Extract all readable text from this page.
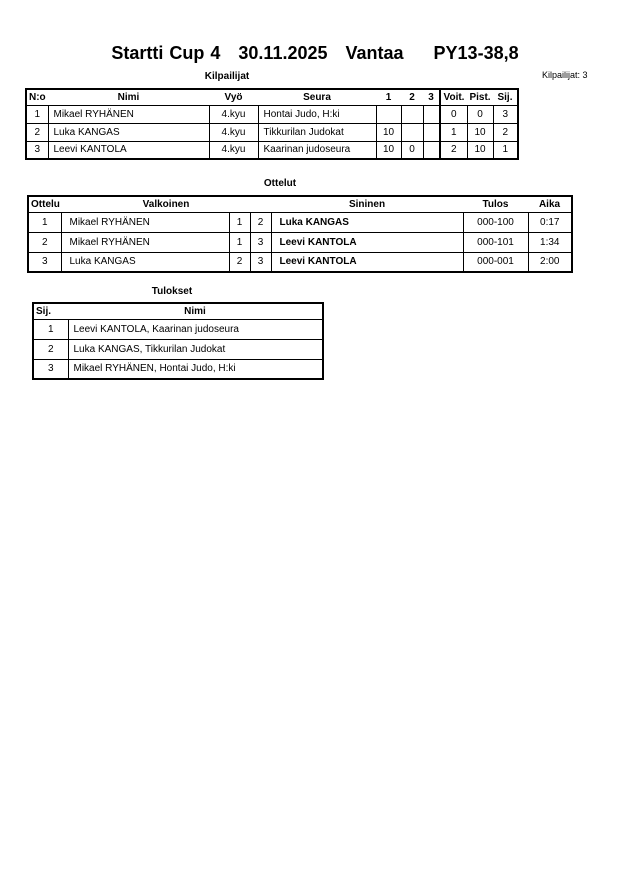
Startti Cup 4   30.11.2025   Vantaa     PY13-38,8
Kilpailijat	Kilpailijat: 3
N:o	Nimi	Vyö	Seura	1	2	3	Voit.	Pist.	Sij.
1	Mikael RYHÄNEN	4.kyu	Hontai Judo, H:ki				0	0	3
2	Luka KANGAS	4.kyu	Tikkurilan Judokat	10			1	10	2
3	Leevi KANTOLA	4.kyu	Kaarinan judoseura	10	0		2	10	1
Ottelut
Ottelu	Valkoinen			Sininen	Tulos	Aika
1	Mikael RYHÄNEN	1	2	Luka KANGAS	000-100	0:17
2	Mikael RYHÄNEN	1	3	Leevi KANTOLA	000-101	1:34
3	Luka KANGAS	2	3	Leevi KANTOLA	000-001	2:00
Tulokset
Sij.	Nimi
1	Leevi KANTOLA, Kaarinan judoseura
2	Luka KANGAS, Tikkurilan Judokat
3	Mikael RYHÄNEN, Hontai Judo, H:ki
